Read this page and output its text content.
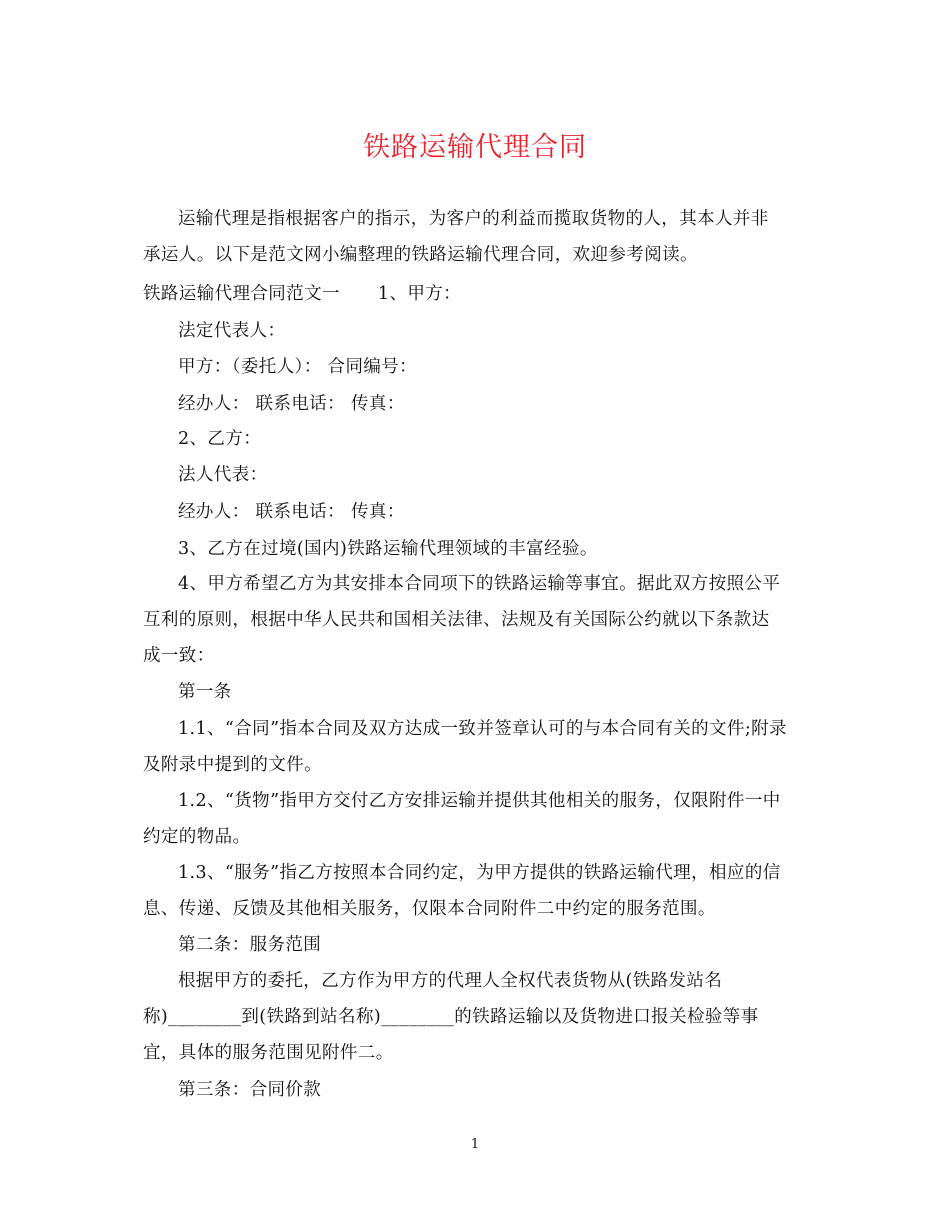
铁路运输代理合同
运输代理是指根据客户的指示，为客户的利益而揽取货物的人，其本人并非
承运人。以下是范文网小编整理的铁路运输代理合同，欢迎参考阅读。
铁路运输代理合同范文一 1、甲方：
法定代表人：
甲方：（委托人）： 合同编号：
经办人： 联系电话： 传真：
2、乙方：
法人代表：
经办人： 联系电话： 传真：
3、乙方在过境(国内)铁路运输代理领域的丰富经验。
4、甲方希望乙方为其安排本合同项下的铁路运输等事宜。据此双方按照公平
互利的原则，根据中华人民共和国相关法律、法规及有关国际公约就以下条款达
成一致：
第一条
1.1、“合同”指本合同及双方达成一致并签章认可的与本合同有关的文件;附录
及附录中提到的文件。
1.2、“货物”指甲方交付乙方安排运输并提供其他相关的服务，仅限附件一中
约定的物品。
1.3、“服务”指乙方按照本合同约定，为甲方提供的铁路运输代理，相应的信
息、传递、反馈及其他相关服务，仅限本合同附件二中约定的服务范围。
第二条：服务范围
根据甲方的委托，乙方作为甲方的代理人全权代表货物从(铁路发站名
称)________到(铁路到站名称)________的铁路运输以及货物进口报关检验等事
宜，具体的服务范围见附件二。
第三条：合同价款
1
